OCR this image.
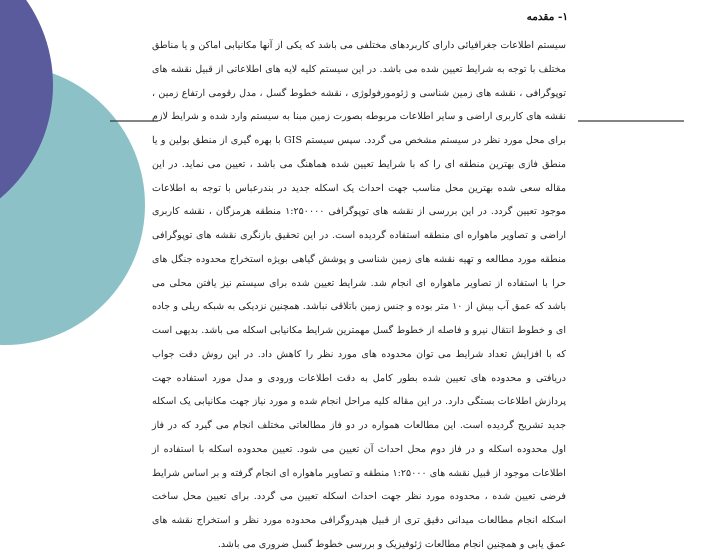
۱- مقدمه
سیستم اطلاعات جغرافیائی دارای کاربردهای مختلفی می باشد که یکی از آنها مکانیابی اماکن و یا مناطق مختلف با توجه به شرایط تعیین شده می باشد. در این سیستم کلیه لایه های اطلاعاتی از قبیل نقشه های توپوگرافی ، نقشه های زمین شناسی و ژئومورفولوژی ، نقشه خطوط گسل ، مدل رقومی ارتفاع زمین ، نقشه های کاربری اراضی و سایر اطلاعات مربوطه بصورت زمین مبنا به سیستم وارد شده و شرایط لازم برای محل مورد نظر در سیستم مشخص می گردد. سپس سیستم GIS با بهره گیری از منطق بولین و یا منطق فازی بهترین منطقه ای را که با شرایط تعیین شده هماهنگ می باشد ، تعیین می نماید. در این مقاله سعی شده بهترین محل مناسب جهت احداث یک اسکله جدید در بندرعباس با توجه به اطلاعات موجود تعیین گردد. در این بررسی از نقشه های توپوگرافی ۱:۲۵۰۰۰۰ منطقه هرمزگان ، نقشه کاربری اراضی و تصاویر ماهواره ای منطقه استفاده گردیده است. در این تحقیق بازنگری نقشه های توپوگرافی منطقه مورد مطالعه و تهیه نقشه های زمین شناسی و پوشش گیاهی بویژه استخراج محدوده جنگل های حرا با استفاده از تصاویر ماهواره ای انجام شد. شرایط تعیین شده برای سیستم نیز یافتن محلی می باشد که عمق آب بیش از ۱۰ متر بوده و جنس زمین باتلاقی نباشد. همچنین نزدیکی به شبکه ریلی و جاده ای و خطوط انتقال نیرو و فاصله از خطوط گسل مهمترین شرایط مکانیابی اسکله می باشد. بدیهی است که با افزایش تعداد شرایط می توان محدوده های مورد نظر را کاهش داد. در این روش دقت جواب دریافتی و محدوده های تعیین شده بطور کامل به دقت اطلاعات ورودی و مدل مورد استفاده جهت پردازش اطلاعات بستگی دارد. در این مقاله کلیه مراحل انجام شده و مورد نیاز جهت مکانیابی یک اسکله جدید تشریح گردیده است. این مطالعات همواره در دو فاز مطالعاتی مختلف انجام می گیرد که در فاز اول محدوده اسکله و در فاز دوم محل احداث آن تعیین می شود. تعیین محدوده اسکله با استفاده از اطلاعات موجود از قبیل نقشه های ۱:۲۵۰۰۰ منطقه و تصاویر ماهواره ای انجام گرفته و بر اساس شرایط فرضی تعیین شده ، محدوده مورد نظر جهت احداث اسکله تعیین می گردد. برای تعیین محل ساخت اسکله انجام مطالعات میدانی دقیق تری از قبیل هیدروگرافی محدوده مورد نظر و استخراج نقشه های عمق یابی و همچنین انجام مطالعات ژئوفیزیک و بررسی خطوط گسل ضروری می باشد.
